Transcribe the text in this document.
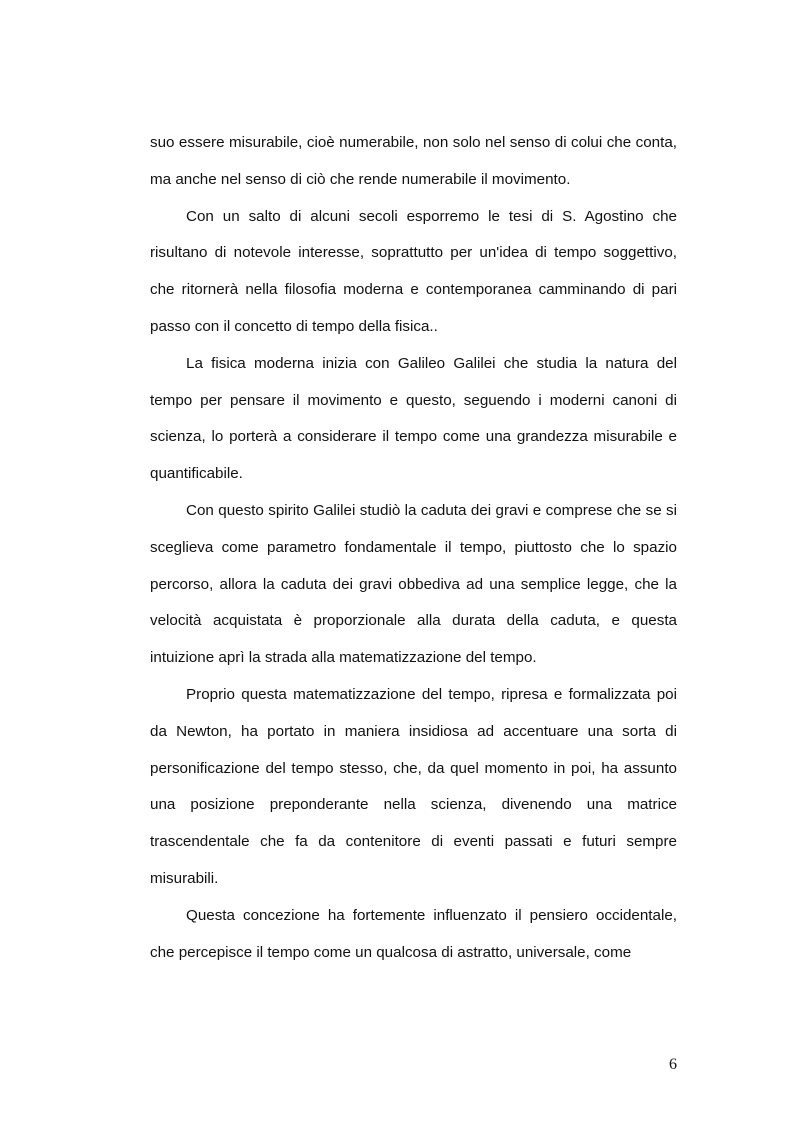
suo essere misurabile, cioè numerabile, non solo nel senso di colui che conta, ma anche nel senso di ciò che rende numerabile il movimento.

Con un salto di alcuni secoli esporremo le tesi di S. Agostino che risultano di notevole interesse, soprattutto per un'idea di tempo soggettivo, che ritornerà nella filosofia moderna e contemporanea camminando di pari passo con il concetto di tempo della fisica..

La fisica moderna inizia con Galileo Galilei che studia la natura del tempo per pensare il movimento e questo, seguendo i moderni canoni di scienza, lo porterà a considerare il tempo come una grandezza misurabile e quantificabile.

Con questo spirito Galilei studiò la caduta dei gravi e comprese che se si sceglieva come parametro fondamentale il tempo, piuttosto che lo spazio percorso, allora la caduta dei gravi obbediva ad una semplice legge, che la velocità acquistata è proporzionale alla durata della caduta, e questa intuizione aprì la strada alla matematizzazione del tempo.

Proprio questa matematizzazione del tempo, ripresa e formalizzata poi da Newton, ha portato in maniera insidiosa ad accentuare una sorta di personificazione del tempo stesso, che, da quel momento in poi, ha assunto una posizione preponderante nella scienza, divenendo una matrice trascendentale che fa da contenitore di eventi passati e futuri sempre misurabili.

Questa concezione ha fortemente influenzato il pensiero occidentale, che percepisce il tempo come un qualcosa di astratto, universale, come

6
